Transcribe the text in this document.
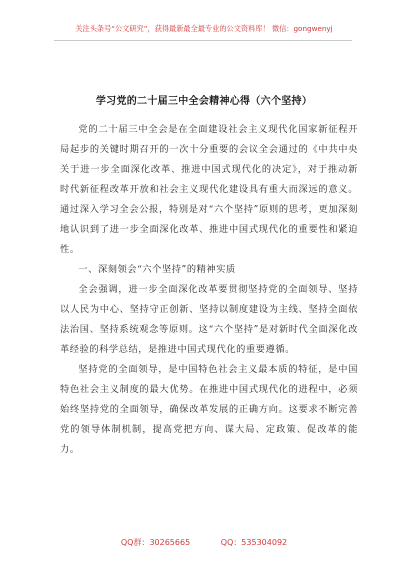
关注头条号“公文研究”，获得最新最全最专业的公文资料库！ 微信：gongwenyj
学习党的二十届三中全会精神心得（六个坚持）

党的二十届三中全会是在全面建设社会主义现代化国家新征程开局起步的关键时期召开的一次十分重要的会议全会通过的《中共中央关于进一步全面深化改革、推进中国式现代化的决定》，对于推动新时代新征程改革开放和社会主义现代化建设具有重大而深远的意义。通过深入学习全会公报，特别是对“六个坚持”原则的思考，更加深刻地认识到了进一步全面深化改革、推进中国式现代化的重要性和紧迫性。

一、深刻领会“六个坚持”的精神实质

全会强调，进一步全面深化改革要贯彻坚持党的全面领导、坚持以人民为中心、坚持守正创新、坚持以制度建设为主线、坚持全面依法治国、坚持系统观念等原则。这“六个坚持”是对新时代全面深化改革经验的科学总结，是推进中国式现代化的重要遵循。

坚持党的全面领导，是中国特色社会主义最本质的特征，是中国特色社会主义制度的最大优势。在推进中国式现代化的进程中，必须始终坚持党的全面领导，确保改革发展的正确方向。这要求不断完善党的领导体制机制，提高党把方向、谋大局、定政策、促改革的能力。

QQ群：30265665	QQ：535304092
